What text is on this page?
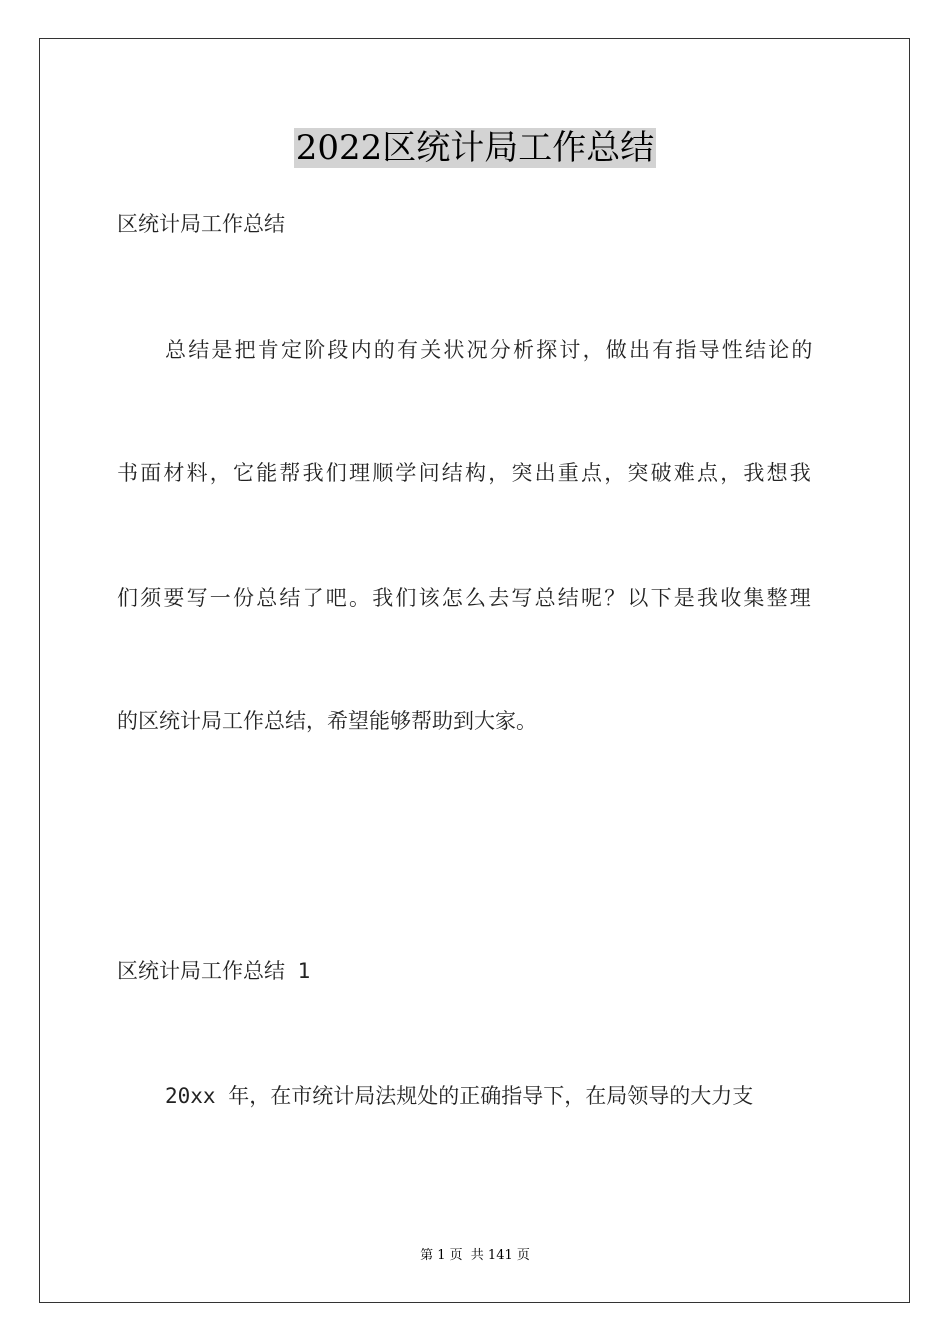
2022区统计局工作总结
区统计局工作总结
总结是把肯定阶段内的有关状况分析探讨，做出有指导性结论的
书面材料，它能帮我们理顺学问结构，突出重点，突破难点，我想我
们须要写一份总结了吧。我们该怎么去写总结呢？以下是我收集整理
的区统计局工作总结，希望能够帮助到大家。
区统计局工作总结 1
20xx 年，在市统计局法规处的正确指导下，在局领导的大力支
第 1 页 共 141 页
